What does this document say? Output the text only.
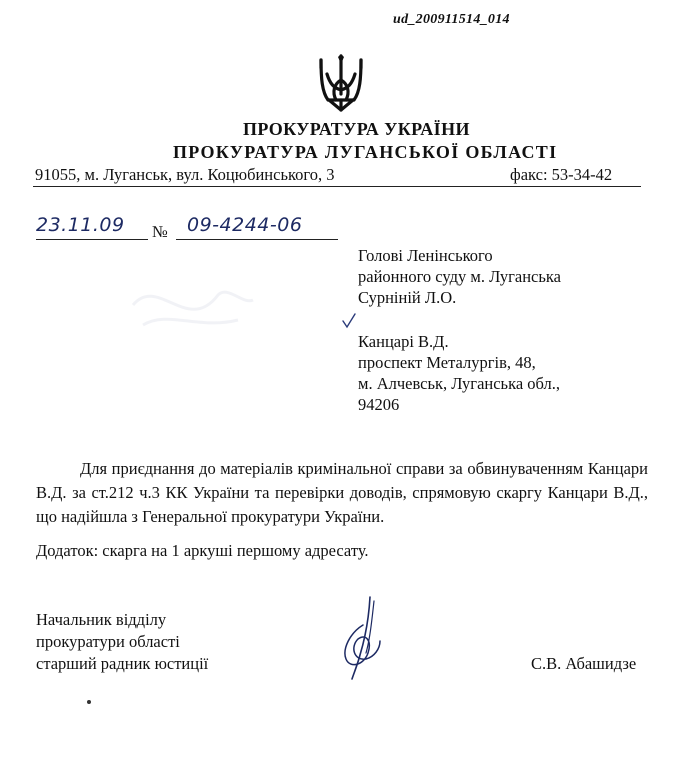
ud_200911514_014
ПРОКУРАТУРА УКРАЇНИ
ПРОКУРАТУРА ЛУГАНСЬКОЇ ОБЛАСТІ
91055, м. Луганськ, вул. Коцюбинського, 3	факс: 53-34-42
23.11.09 № 09-4244-06
Голові Ленінського
районного суду м. Луганська
Сурніній Л.О.
Канцарі В.Д.
проспект Металургів, 48,
м. Алчевськ, Луганська обл.,
94206
Для приєднання до матеріалів кримінальної справи за обвинуваченням Канцари В.Д. за ст.212 ч.3 КК України та перевірки доводів, спрямовую скаргу Канцари В.Д., що надійшла з Генеральної прокуратури України.
Додаток: скарга на 1 аркуші першому адресату.
Начальник відділу
прокуратури області
старший радник юстиції	С.В. Абашидзе
